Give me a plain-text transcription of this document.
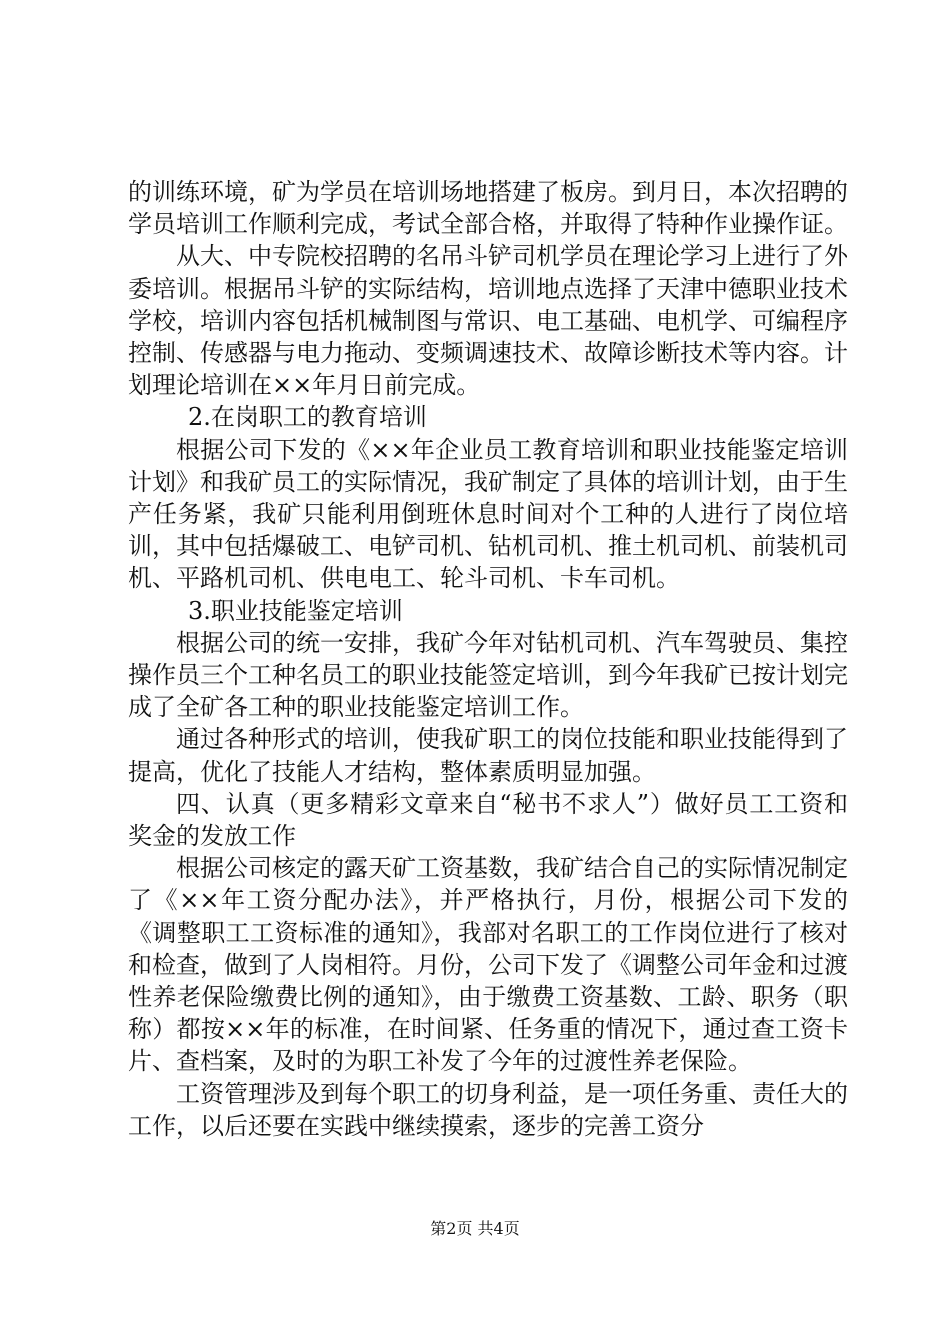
的训练环境，矿为学员在培训场地搭建了板房。到月日，本次招聘的学员培训工作顺利完成，考试全部合格，并取得了特种作业操作证。

从大、中专院校招聘的名吊斗铲司机学员在理论学习上进行了外委培训。根据吊斗铲的实际结构，培训地点选择了天津中德职业技术学校，培训内容包括机械制图与常识、电工基础、电机学、可编程序控制、传感器与电力拖动、变频调速技术、故障诊断技术等内容。计划理论培训在××年月日前完成。

2.在岗职工的教育培训

根据公司下发的《××年企业员工教育培训和职业技能鉴定培训计划》和我矿员工的实际情况，我矿制定了具体的培训计划，由于生产任务紧，我矿只能利用倒班休息时间对个工种的人进行了岗位培训，其中包括爆破工、电铲司机、钻机司机、推土机司机、前装机司机、平路机司机、供电电工、轮斗司机、卡车司机。

3.职业技能鉴定培训

根据公司的统一安排，我矿今年对钻机司机、汽车驾驶员、集控操作员三个工种名员工的职业技能签定培训，到今年我矿已按计划完成了全矿各工种的职业技能鉴定培训工作。

通过各种形式的培训，使我矿职工的岗位技能和职业技能得到了提高，优化了技能人才结构，整体素质明显加强。

四、认真（更多精彩文章来自“秘书不求人”）做好员工工资和奖金的发放工作

根据公司核定的露天矿工资基数，我矿结合自己的实际情况制定了《××年工资分配办法》，并严格执行，月份，根据公司下发的《调整职工工资标准的通知》，我部对名职工的工作岗位进行了核对和检查，做到了人岗相符。月份，公司下发了《调整公司年金和过渡性养老保险缴费比例的通知》，由于缴费工资基数、工龄、职务（职称）都按××年的标准，在时间紧、任务重的情况下，通过查工资卡片、查档案，及时的为职工补发了今年的过渡性养老保险。

工资管理涉及到每个职工的切身利益，是一项任务重、责任大的工作，以后还要在实践中继续摸索，逐步的完善工资分

第2页 共4页
